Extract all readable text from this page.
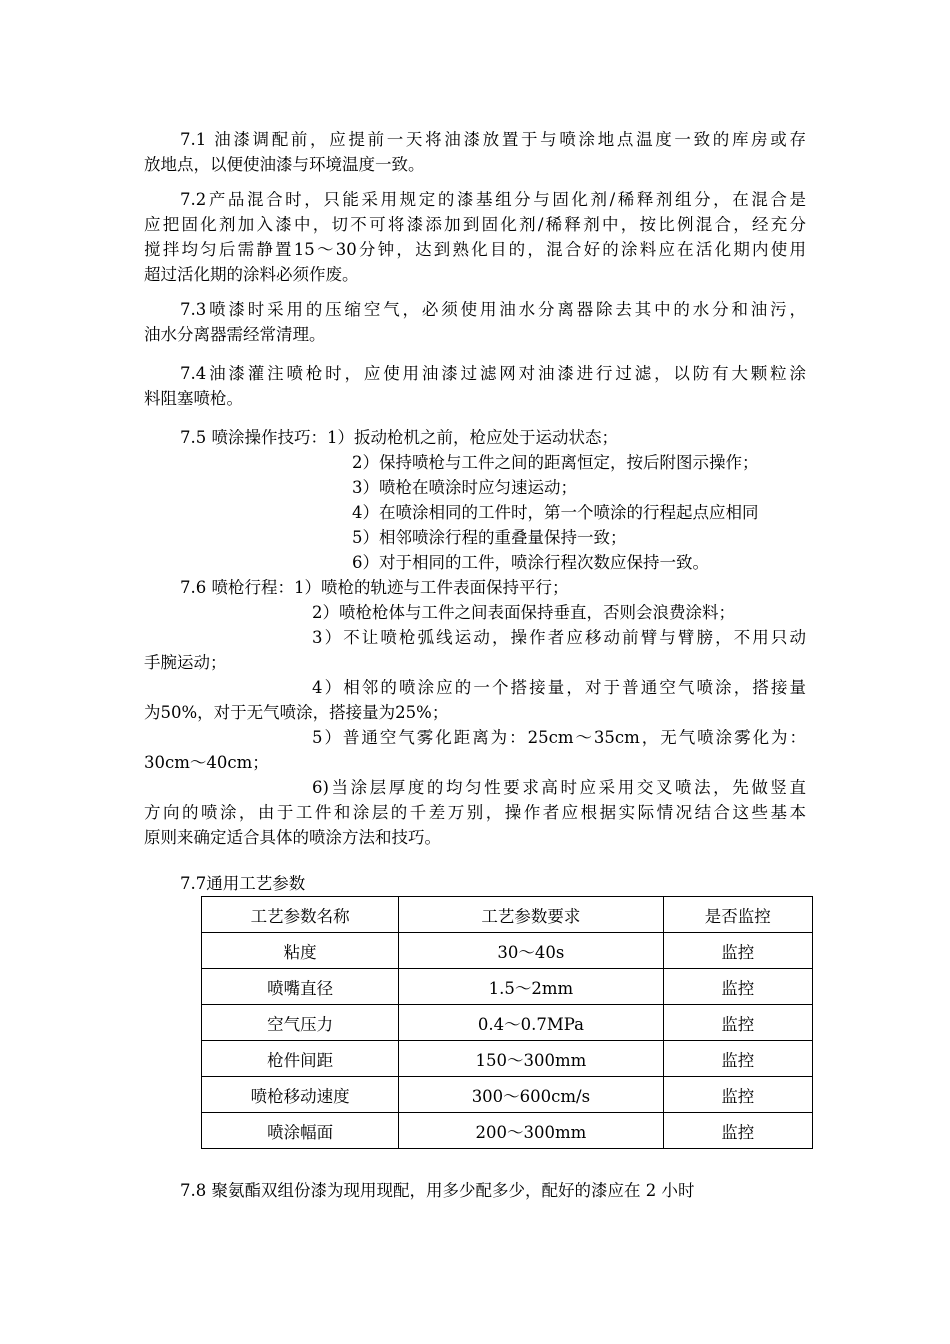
7.1 油漆调配前，应提前一天将油漆放置于与喷涂地点温度一致的库房或存
放地点，以便使油漆与环境温度一致。
7.2产品混合时，只能采用规定的漆基组分与固化剂/稀释剂组分，在混合是
应把固化剂加入漆中，切不可将漆添加到固化剂/稀释剂中，按比例混合，经充分
搅拌均匀后需静置15～30分钟，达到熟化目的，混合好的涂料应在活化期内使用
超过活化期的涂料必须作废。
7.3喷漆时采用的压缩空气，必须使用油水分离器除去其中的水分和油污，
油水分离器需经常清理。
7.4油漆灌注喷枪时，应使用油漆过滤网对油漆进行过滤，以防有大颗粒涂
料阻塞喷枪。
7.5 喷涂操作技巧：1）扳动枪机之前，枪应处于运动状态；
2）保持喷枪与工件之间的距离恒定，按后附图示操作；
3）喷枪在喷涂时应匀速运动；
4）在喷涂相同的工件时，第一个喷涂的行程起点应相同
5）相邻喷涂行程的重叠量保持一致；
6）对于相同的工件，喷涂行程次数应保持一致。
7.6 喷枪行程：1）喷枪的轨迹与工件表面保持平行；
2）喷枪枪体与工件之间表面保持垂直，否则会浪费涂料；
3）不让喷枪弧线运动，操作者应移动前臂与臂膀，不用只动
手腕运动；
4）相邻的喷涂应的一个搭接量，对于普通空气喷涂，搭接量
为50%，对于无气喷涂，搭接量为25%；
5）普通空气雾化距离为：25cm～35cm，无气喷涂雾化为：
30cm～40cm；
6)当涂层厚度的均匀性要求高时应采用交叉喷法，先做竖直
方向的喷涂，由于工件和涂层的千差万别，操作者应根据实际情况结合这些基本
原则来确定适合具体的喷涂方法和技巧。
7.7通用工艺参数
工艺参数名称	工艺参数要求	是否监控
粘度	30～40s	监控
喷嘴直径	1.5～2mm	监控
空气压力	0.4～0.7MPa	监控
枪件间距	150～300mm	监控
喷枪移动速度	300～600cm/s	监控
喷涂幅面	200～300mm	监控
7.8 聚氨酯双组份漆为现用现配，用多少配多少，配好的漆应在 2 小时
